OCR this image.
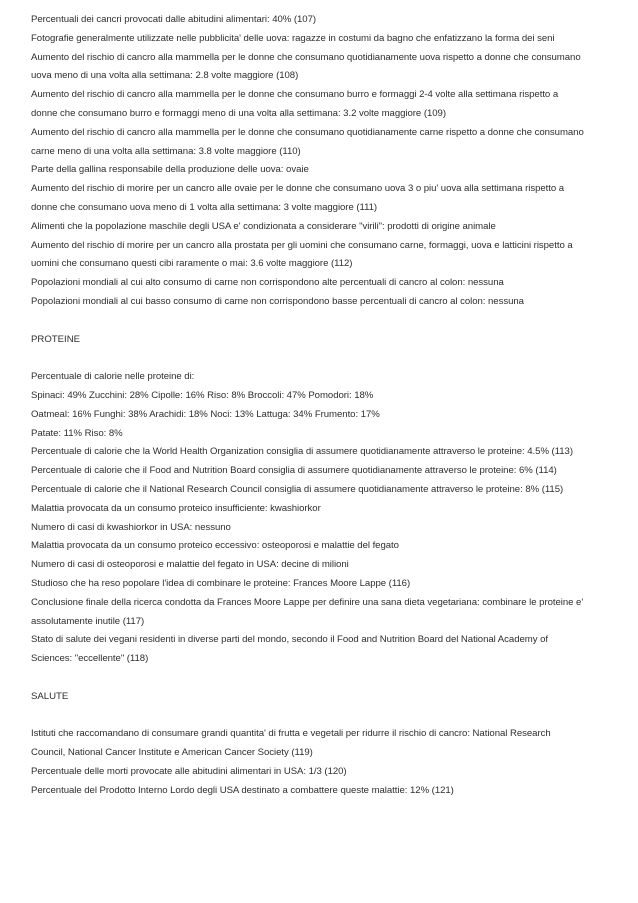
Percentuali dei cancri provocati dalle abitudini alimentari: 40% (107)
Fotografie generalmente utilizzate nelle pubblicita' delle uova: ragazze in costumi da bagno che enfatizzano la forma dei seni
Aumento del rischio di cancro alla mammella per le donne che consumano quotidianamente uova rispetto a donne che consumano
uova meno di una volta alla settimana: 2.8 volte maggiore (108)
Aumento del rischio di cancro alla mammella per le donne che consumano burro e formaggi 2-4 volte alla settimana rispetto a
donne che consumano burro e formaggi meno di una volta alla settimana: 3.2 volte maggiore (109)
Aumento del rischio di cancro alla mammella per le donne che consumano quotidianamente carne rispetto a donne che consumano
carne meno di una volta alla settimana: 3.8 volte maggiore (110)
Parte della gallina responsabile della produzione delle uova: ovaie
Aumento del rischio di morire per un cancro alle ovaie per le donne che consumano uova 3 o piu' uova alla settimana rispetto a
donne che consumano uova meno di 1 volta alla settimana: 3 volte maggiore (111)
Alimenti che la popolazione maschile degli USA e' condizionata a considerare "virili": prodotti di origine animale
Aumento del rischio di morire per un cancro alla prostata per gli uomini che consumano carne, formaggi, uova e latticini rispetto a
uomini che consumano questi cibi raramente o mai: 3.6 volte maggiore (112)
Popolazioni mondiali al cui alto consumo di carne non corrispondono alte percentuali di cancro al colon: nessuna
Popolazioni mondiali al cui basso consumo di carne non corrispondono basse percentuali di cancro al colon: nessuna
PROTEINE
Percentuale di calorie nelle proteine di:
Spinaci: 49% Zucchini: 28% Cipolle: 16% Riso: 8% Broccoli: 47% Pomodori: 18%
Oatmeal: 16% Funghi: 38% Arachidi: 18% Noci: 13% Lattuga: 34% Frumento: 17%
Patate: 11% Riso: 8%
Percentuale di calorie che la World Health Organization consiglia di assumere quotidianamente attraverso le proteine: 4.5% (113)
Percentuale di calorie che il Food and Nutrition Board consiglia di assumere quotidianamente attraverso le proteine: 6% (114)
Percentuale di calorie che il National Research Council consiglia di assumere quotidianamente attraverso le proteine: 8% (115)
Malattia provocata da un consumo proteico insufficiente: kwashiorkor
Numero di casi di kwashiorkor in USA: nessuno
Malattia provocata da un consumo proteico eccessivo: osteoporosi e malattie del fegato
Numero di casi di osteoporosi e malattie del fegato in USA: decine di milioni
Studioso che ha reso popolare l'idea di combinare le proteine: Frances Moore Lappe (116)
Conclusione finale della ricerca condotta da Frances Moore Lappe per definire una sana dieta vegetariana: combinare le proteine e'
assolutamente inutile (117)
Stato di salute dei vegani residenti in diverse parti del mondo, secondo il Food and Nutrition Board del National Academy of
Sciences: "eccellente" (118)
SALUTE
Istituti che raccomandano di consumare grandi quantita' di frutta e vegetali per ridurre il rischio di cancro: National Research
Council, National Cancer Institute e American Cancer Society (119)
Percentuale delle morti provocate alle abitudini alimentari in USA: 1/3 (120)
Percentuale del Prodotto Interno Lordo degli USA destinato a combattere queste malattie: 12% (121)
